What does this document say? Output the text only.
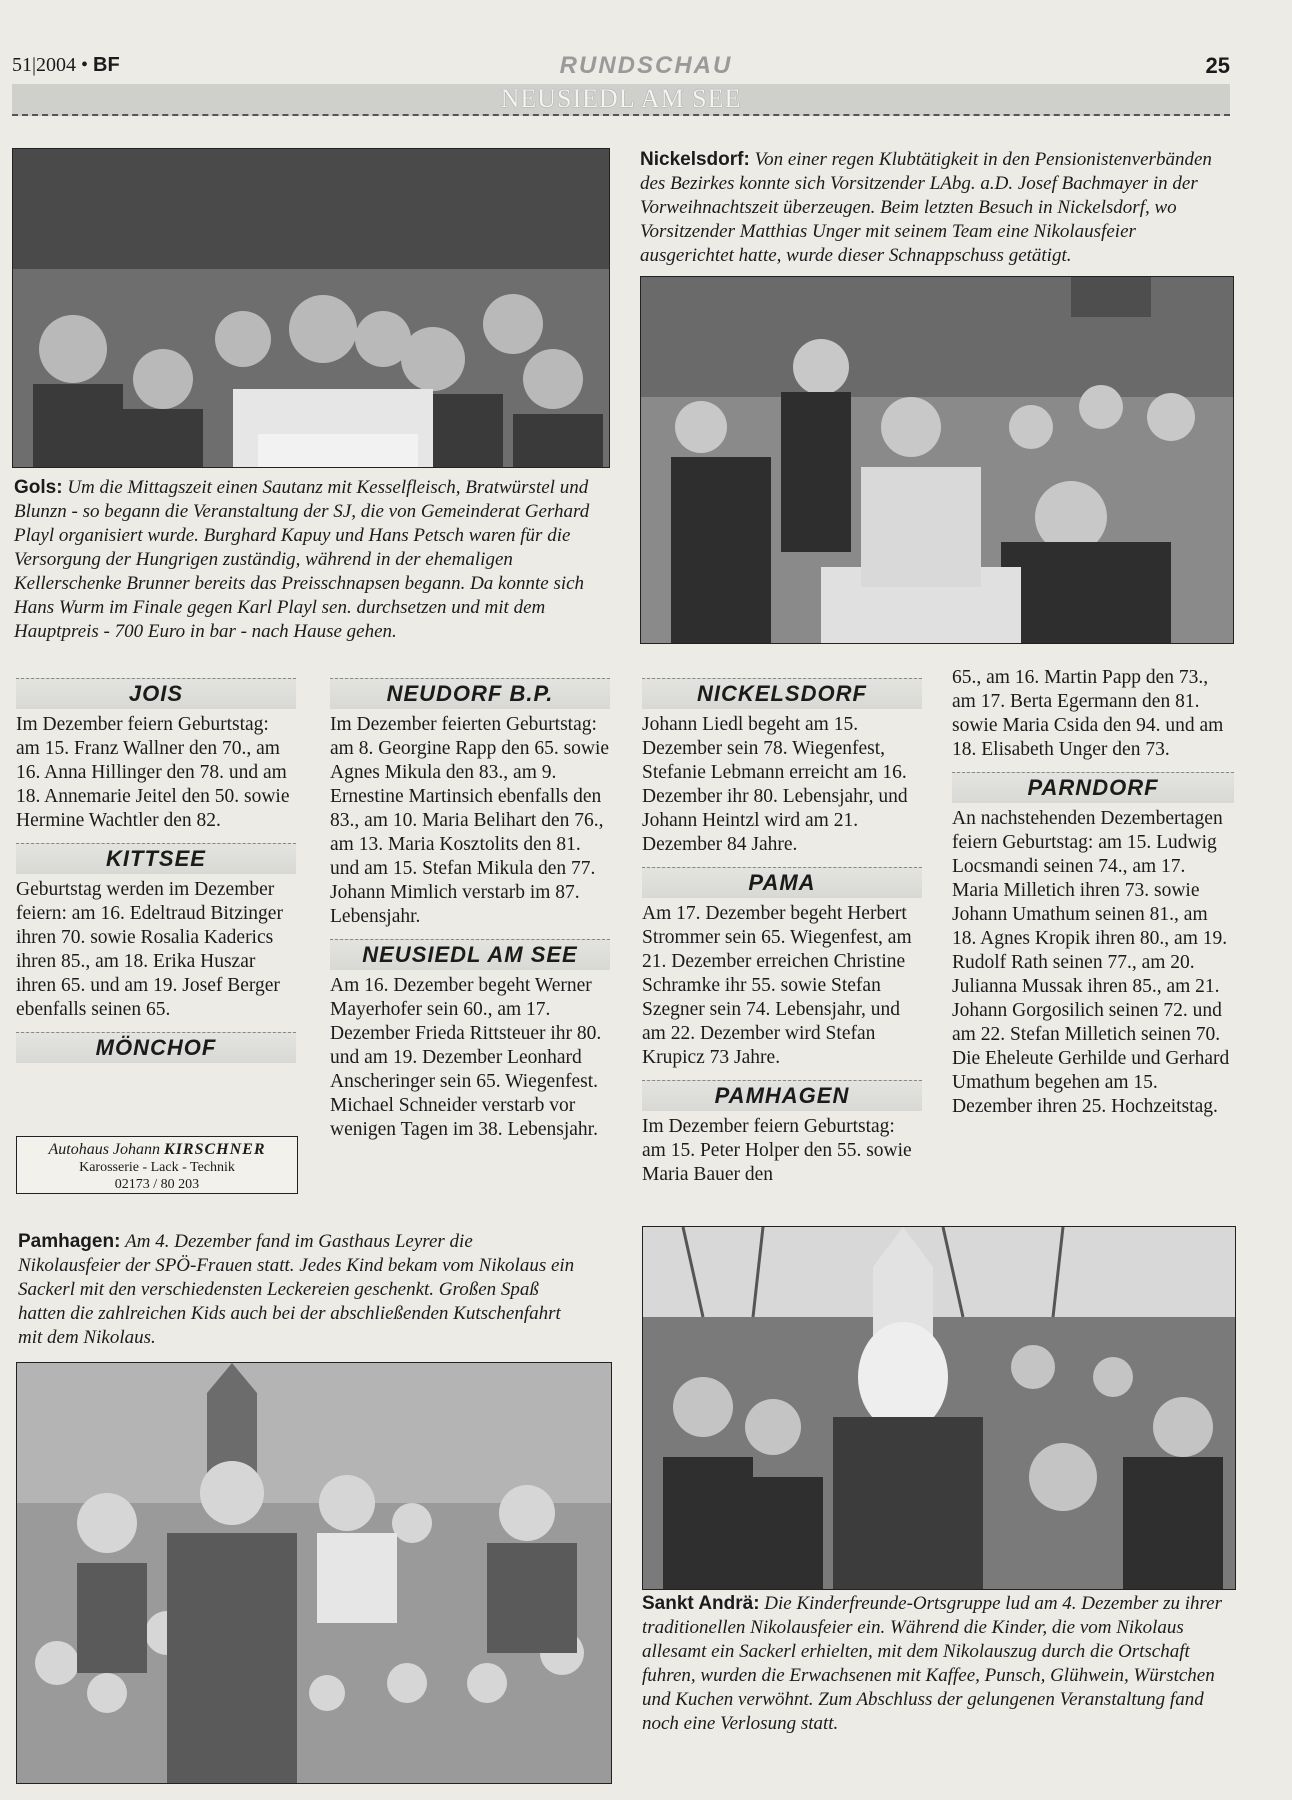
51|2004 • BF	RUNDSCHAU	25
NEUSIEDL AM SEE
Nickelsdorf: Von einer regen Klubtätigkeit in den Pensionistenverbänden des Bezirkes konnte sich Vorsitzender LAbg. a.D. Josef Bachmayer in der Vorweihnachtszeit überzeugen. Beim letzten Besuch in Nickelsdorf, wo Vorsitzender Matthias Unger mit seinem Team eine Nikolausfeier ausgerichtet hatte, wurde dieser Schnappschuss getätigt.
Gols: Um die Mittagszeit einen Sautanz mit Kesselfleisch, Bratwürstel und Blunzn - so begann die Veranstaltung der SJ, die von Gemeinderat Gerhard Playl organisiert wurde. Burghard Kapuy und Hans Petsch waren für die Versorgung der Hungrigen zuständig, während in der ehemaligen Kellerschenke Brunner bereits das Preisschnapsen begann. Da konnte sich Hans Wurm im Finale gegen Karl Playl sen. durchsetzen und mit dem Hauptpreis - 700 Euro in bar - nach Hause gehen.
JOIS

Im Dezember feiern Geburtstag: am 15. Franz Wallner den 70., am 16. Anna Hillinger den 78. und am 18. Annemarie Jeitel den 50. sowie Hermine Wachtler den 82.

KITTSEE

Geburtstag werden im Dezember feiern: am 16. Edeltraud Bitzinger ihren 70. sowie Rosalia Kaderics ihren 85., am 18. Erika Huszar ihren 65. und am 19. Josef Berger ebenfalls seinen 65.

MÖNCHOF
Autohaus Johann KIRSCHNER
Karosserie - Lack - Technik
02173 / 80 203
NEUDORF B.P.

Im Dezember feierten Geburtstag: am 8. Georgine Rapp den 65. sowie Agnes Mikula den 83., am 9. Ernestine Martinsich ebenfalls den 83., am 10. Maria Belihart den 76., am 13. Maria Kosztolits den 81. und am 15. Stefan Mikula den 77. Johann Mimlich verstarb im 87. Lebensjahr.

NEUSIEDL AM SEE

Am 16. Dezember begeht Werner Mayerhofer sein 60., am 17. Dezember Frieda Rittsteuer ihr 80. und am 19. Dezember Leonhard Anscheringer sein 65. Wiegenfest.

Michael Schneider verstarb vor wenigen Tagen im 38. Lebensjahr.

NICKELSDORF

Johann Liedl begeht am 15. Dezember sein 78. Wiegenfest, Stefanie Lebmann erreicht am 16. Dezember ihr 80. Lebensjahr, und Johann Heintzl wird am 21. Dezember 84 Jahre.

PAMA

Am 17. Dezember begeht Herbert Strommer sein 65. Wiegenfest, am 21. Dezember erreichen Christine Schramke ihr 55. sowie Stefan Szegner sein 74. Lebensjahr, und am 22. Dezember wird Stefan Krupicz 73 Jahre.

PAMHAGEN

Im Dezember feiern Geburtstag: am 15. Peter Holper den 55. sowie Maria Bauer den

65., am 16. Martin Papp den 73., am 17. Berta Egermann den 81. sowie Maria Csida den 94. und am 18. Elisabeth Unger den 73.

PARNDORF

An nachstehenden Dezembertagen feiern Geburtstag: am 15. Ludwig Locsmandi seinen 74., am 17. Maria Milletich ihren 73. sowie Johann Umathum seinen 81., am 18. Agnes Kropik ihren 80., am 19. Rudolf Rath seinen 77., am 20. Julianna Mussak ihren 85., am 21. Johann Gorgosilich seinen 72. und am 22. Stefan Milletich seinen 70.

Die Eheleute Gerhilde und Gerhard Umathum begehen am 15. Dezember ihren 25. Hochzeitstag.

Pamhagen: Am 4. Dezember fand im Gasthaus Leyrer die Nikolausfeier der SPÖ-Frauen statt. Jedes Kind bekam vom Nikolaus ein Sackerl mit den verschiedensten Leckereien geschenkt. Großen Spaß hatten die zahlreichen Kids auch bei der abschließenden Kutschenfahrt mit dem Nikolaus.
Sankt Andrä: Die Kinderfreunde-Ortsgruppe lud am 4. Dezember zu ihrer traditionellen Nikolausfeier ein. Während die Kinder, die vom Nikolaus allesamt ein Sackerl erhielten, mit dem Nikolauszug durch die Ortschaft fuhren, wurden die Erwachsenen mit Kaffee, Punsch, Glühwein, Würstchen und Kuchen verwöhnt. Zum Abschluss der gelungenen Veranstaltung fand noch eine Verlosung statt.
